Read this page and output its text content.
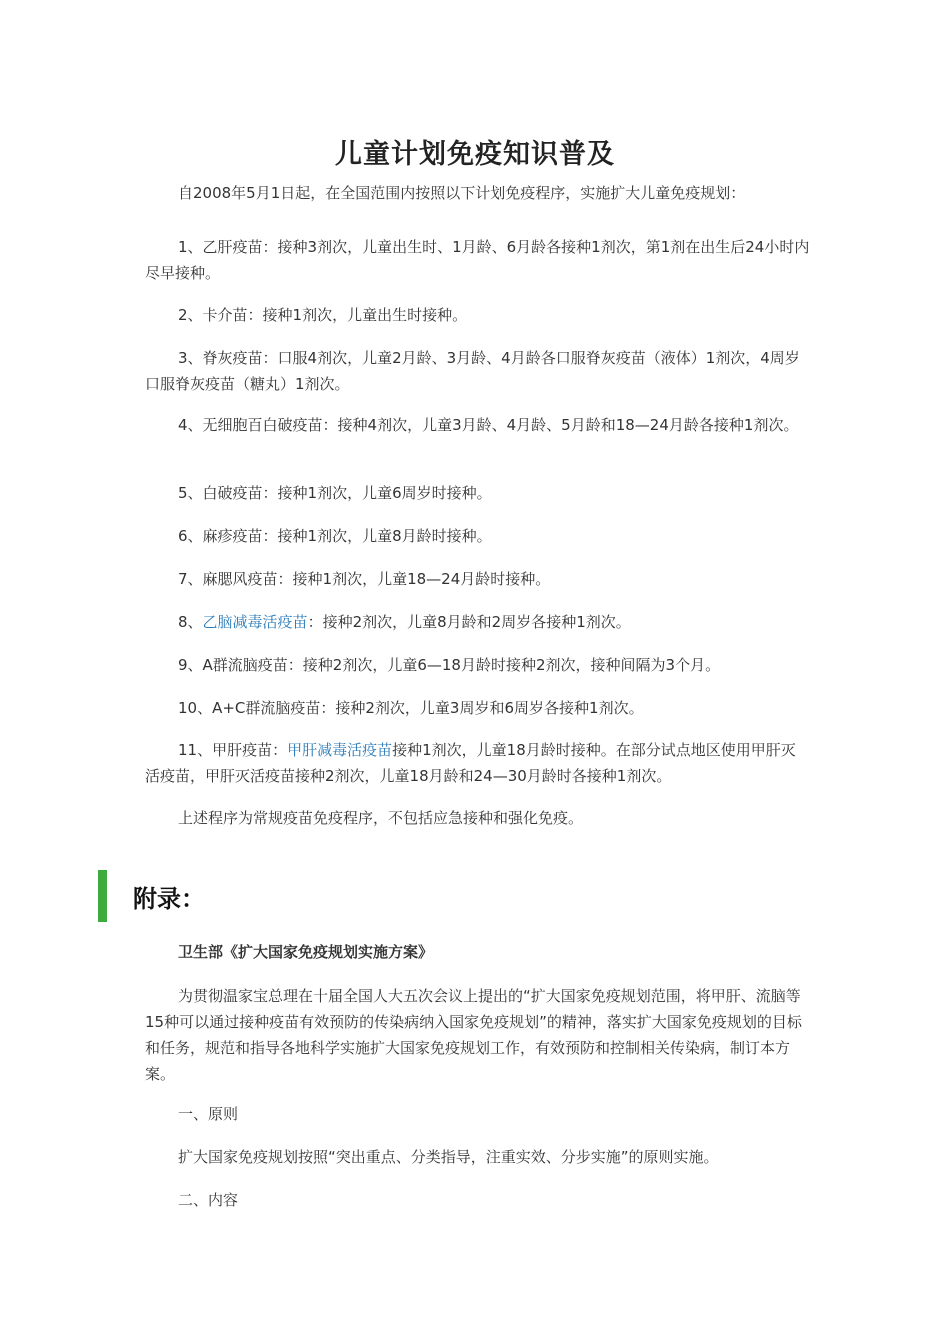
儿童计划免疫知识普及

自2008年5月1日起，在全国范围内按照以下计划免疫程序，实施扩大儿童免疫规划：

1、乙肝疫苗：接种3剂次，儿童出生时、1月龄、6月龄各接种1剂次，第1剂在出生后24小时内尽早接种。

2、卡介苗：接种1剂次，儿童出生时接种。

3、脊灰疫苗：口服4剂次，儿童2月龄、3月龄、4月龄各口服脊灰疫苗（液体）1剂次，4周岁口服脊灰疫苗（糖丸）1剂次。

4、无细胞百白破疫苗：接种4剂次，儿童3月龄、4月龄、5月龄和18—24月龄各接种1剂次。

5、白破疫苗：接种1剂次，儿童6周岁时接种。

6、麻疹疫苗：接种1剂次，儿童8月龄时接种。

7、麻腮风疫苗：接种1剂次，儿童18—24月龄时接种。

8、乙脑减毒活疫苗：接种2剂次，儿童8月龄和2周岁各接种1剂次。

9、A群流脑疫苗：接种2剂次，儿童6—18月龄时接种2剂次，接种间隔为3个月。

10、A+C群流脑疫苗：接种2剂次，儿童3周岁和6周岁各接种1剂次。

11、甲肝疫苗：甲肝减毒活疫苗接种1剂次，儿童18月龄时接种。在部分试点地区使用甲肝灭活疫苗，甲肝灭活疫苗接种2剂次，儿童18月龄和24—30月龄时各接种1剂次。

上述程序为常规疫苗免疫程序，不包括应急接种和强化免疫。

附录：
卫生部《扩大国家免疫规划实施方案》

为贯彻温家宝总理在十届全国人大五次会议上提出的“扩大国家免疫规划范围，将甲肝、流脑等15种可以通过接种疫苗有效预防的传染病纳入国家免疫规划”的精神，落实扩大国家免疫规划的目标和任务，规范和指导各地科学实施扩大国家免疫规划工作，有效预防和控制相关传染病，制订本方案。

一、原则

扩大国家免疫规划按照“突出重点、分类指导，注重实效、分步实施”的原则实施。

二、内容
